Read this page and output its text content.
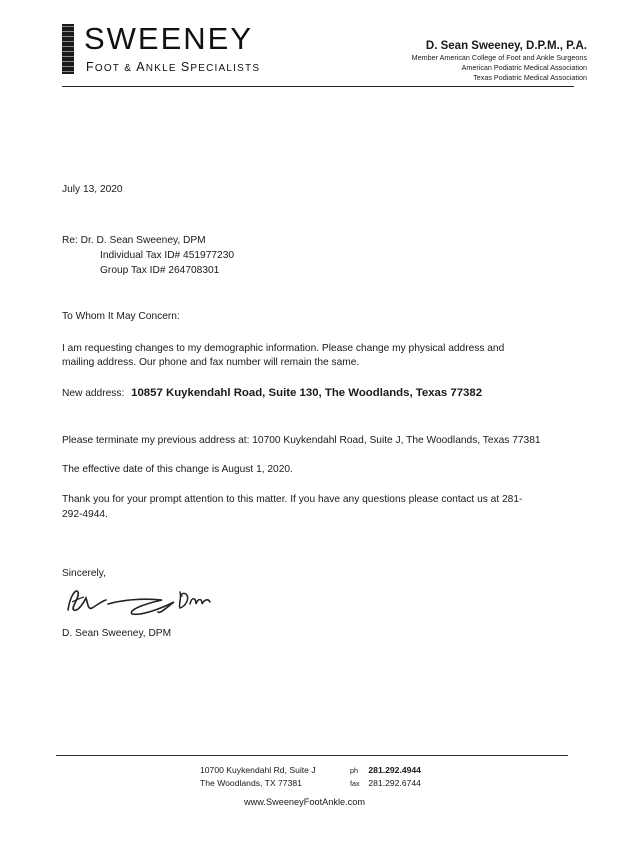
SWEENEY
FOOT & ANKLE SPECIALISTS
D. Sean Sweeney, D.P.M., P.A.
Member American College of Foot and Ankle Surgeons
American Podiatric Medical Association
Texas Podiatric Medical Association
July 13, 2020
Re: Dr. D. Sean Sweeney, DPM
Individual Tax ID# 451977230
Group Tax ID# 264708301
To Whom It May Concern:
I am requesting changes to my demographic information. Please change my physical address and
mailing address. Our phone and fax number will remain the same.
New address: 10857 Kuykendahl Road, Suite 130, The Woodlands, Texas 77382
Please terminate my previous address at: 10700 Kuykendahl Road, Suite J, The Woodlands, Texas 77381
The effective date of this change is August 1, 2020.
Thank you for your prompt attention to this matter. If you have any questions please contact us at 281-
292-4944.
Sincerely,
D. Sean Sweeney, DPM
10700 Kuykendahl Rd, Suite J
The Woodlands, TX 77381
ph 281.292.4944
fax 281.292.6744
www.SweeneyFootAnkle.com
